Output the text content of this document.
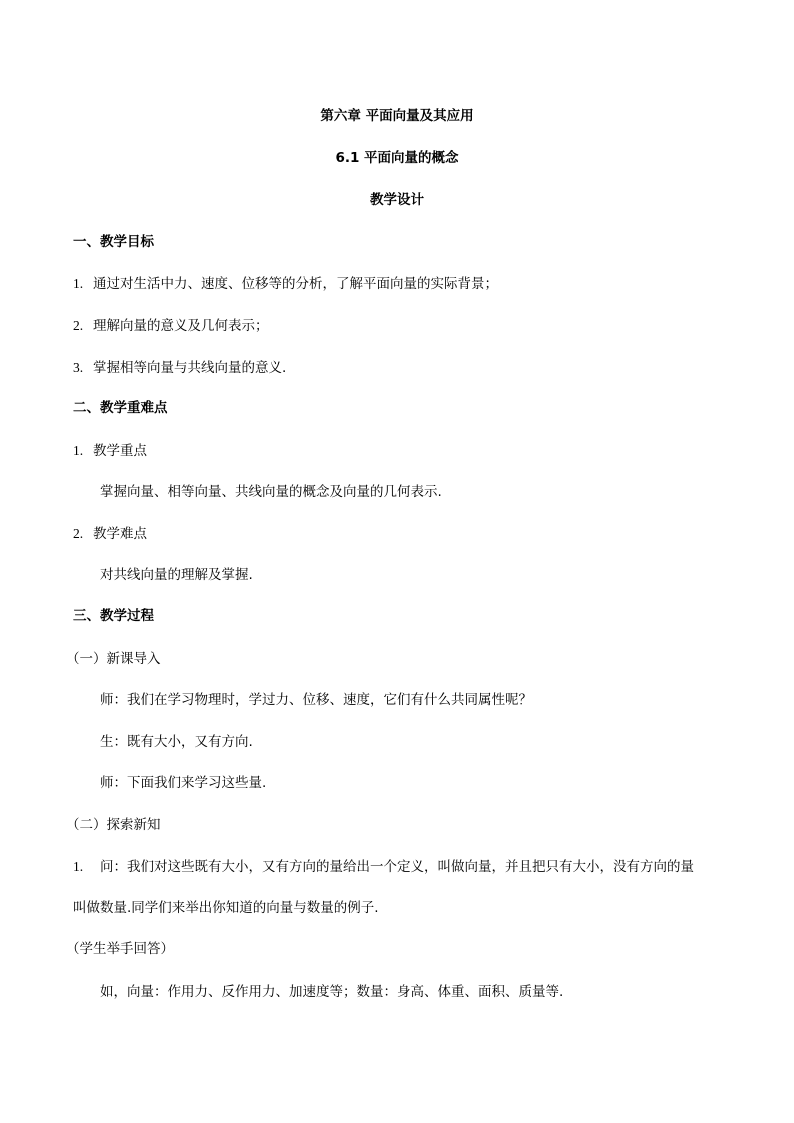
第六章 平面向量及其应用
6.1 平面向量的概念
教学设计
一、教学目标
1. 通过对生活中力、速度、位移等的分析，了解平面向量的实际背景；
2. 理解向量的意义及几何表示；
3. 掌握相等向量与共线向量的意义.
二、教学重难点
1. 教学重点
掌握向量、相等向量、共线向量的概念及向量的几何表示.
2. 教学难点
对共线向量的理解及掌握.
三、教学过程
（一）新课导入
师：我们在学习物理时，学过力、位移、速度，它们有什么共同属性呢？
生：既有大小，又有方向.
师：下面我们来学习这些量.
（二）探索新知
1. 问：我们对这些既有大小，又有方向的量给出一个定义，叫做向量，并且把只有大小，没有方向的量
叫做数量.同学们来举出你知道的向量与数量的例子.
（学生举手回答）
如，向量：作用力、反作用力、加速度等；数量：身高、体重、面积、质量等.
